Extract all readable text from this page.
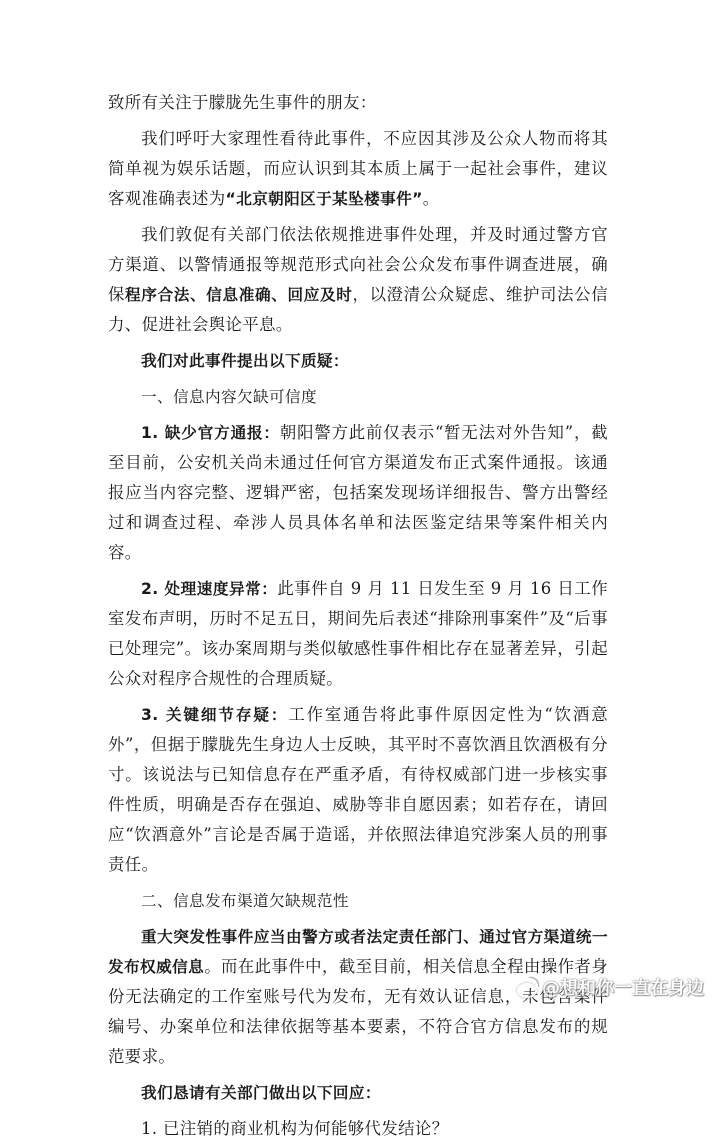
致所有关注于朦胧先生事件的朋友：

我们呼吁大家理性看待此事件，不应因其涉及公众人物而将其简单视为娱乐话题，而应认识到其本质上属于一起社会事件，建议客观准确表述为“北京朝阳区于某坠楼事件”。

我们敦促有关部门依法依规推进事件处理，并及时通过警方官方渠道、以警情通报等规范形式向社会公众发布事件调查进展，确保程序合法、信息准确、回应及时，以澄清公众疑虑、维护司法公信力、促进社会舆论平息。

我们对此事件提出以下质疑：

一、信息内容欠缺可信度

1. 缺少官方通报：朝阳警方此前仅表示“暂无法对外告知”，截至目前，公安机关尚未通过任何官方渠道发布正式案件通报。该通报应当内容完整、逻辑严密，包括案发现场详细报告、警方出警经过和调查过程、牵涉人员具体名单和法医鉴定结果等案件相关内容。

2. 处理速度异常：此事件自 9 月 11 日发生至 9 月 16 日工作室发布声明，历时不足五日，期间先后表述“排除刑事案件”及“后事已处理完”。该办案周期与类似敏感性事件相比存在显著差异，引起公众对程序合规性的合理质疑。

3. 关键细节存疑：工作室通告将此事件原因定性为“饮酒意外”，但据于朦胧先生身边人士反映，其平时不喜饮酒且饮酒极有分寸。该说法与已知信息存在严重矛盾，有待权威部门进一步核实事件性质，明确是否存在强迫、威胁等非自愿因素；如若存在，请回应“饮酒意外”言论是否属于造谣，并依照法律追究涉案人员的刑事责任。

二、信息发布渠道欠缺规范性

重大突发性事件应当由警方或者法定责任部门、通过官方渠道统一发布权威信息。而在此事件中，截至目前，相关信息全程由操作者身份无法确定的工作室账号代为发布，无有效认证信息，未包含案件编号、办案单位和法律依据等基本要素，不符合官方信息发布的规范要求。

我们恳请有关部门做出以下回应：

1. 已注销的商业机构为何能够代发结论？

@想和你一直在身边
